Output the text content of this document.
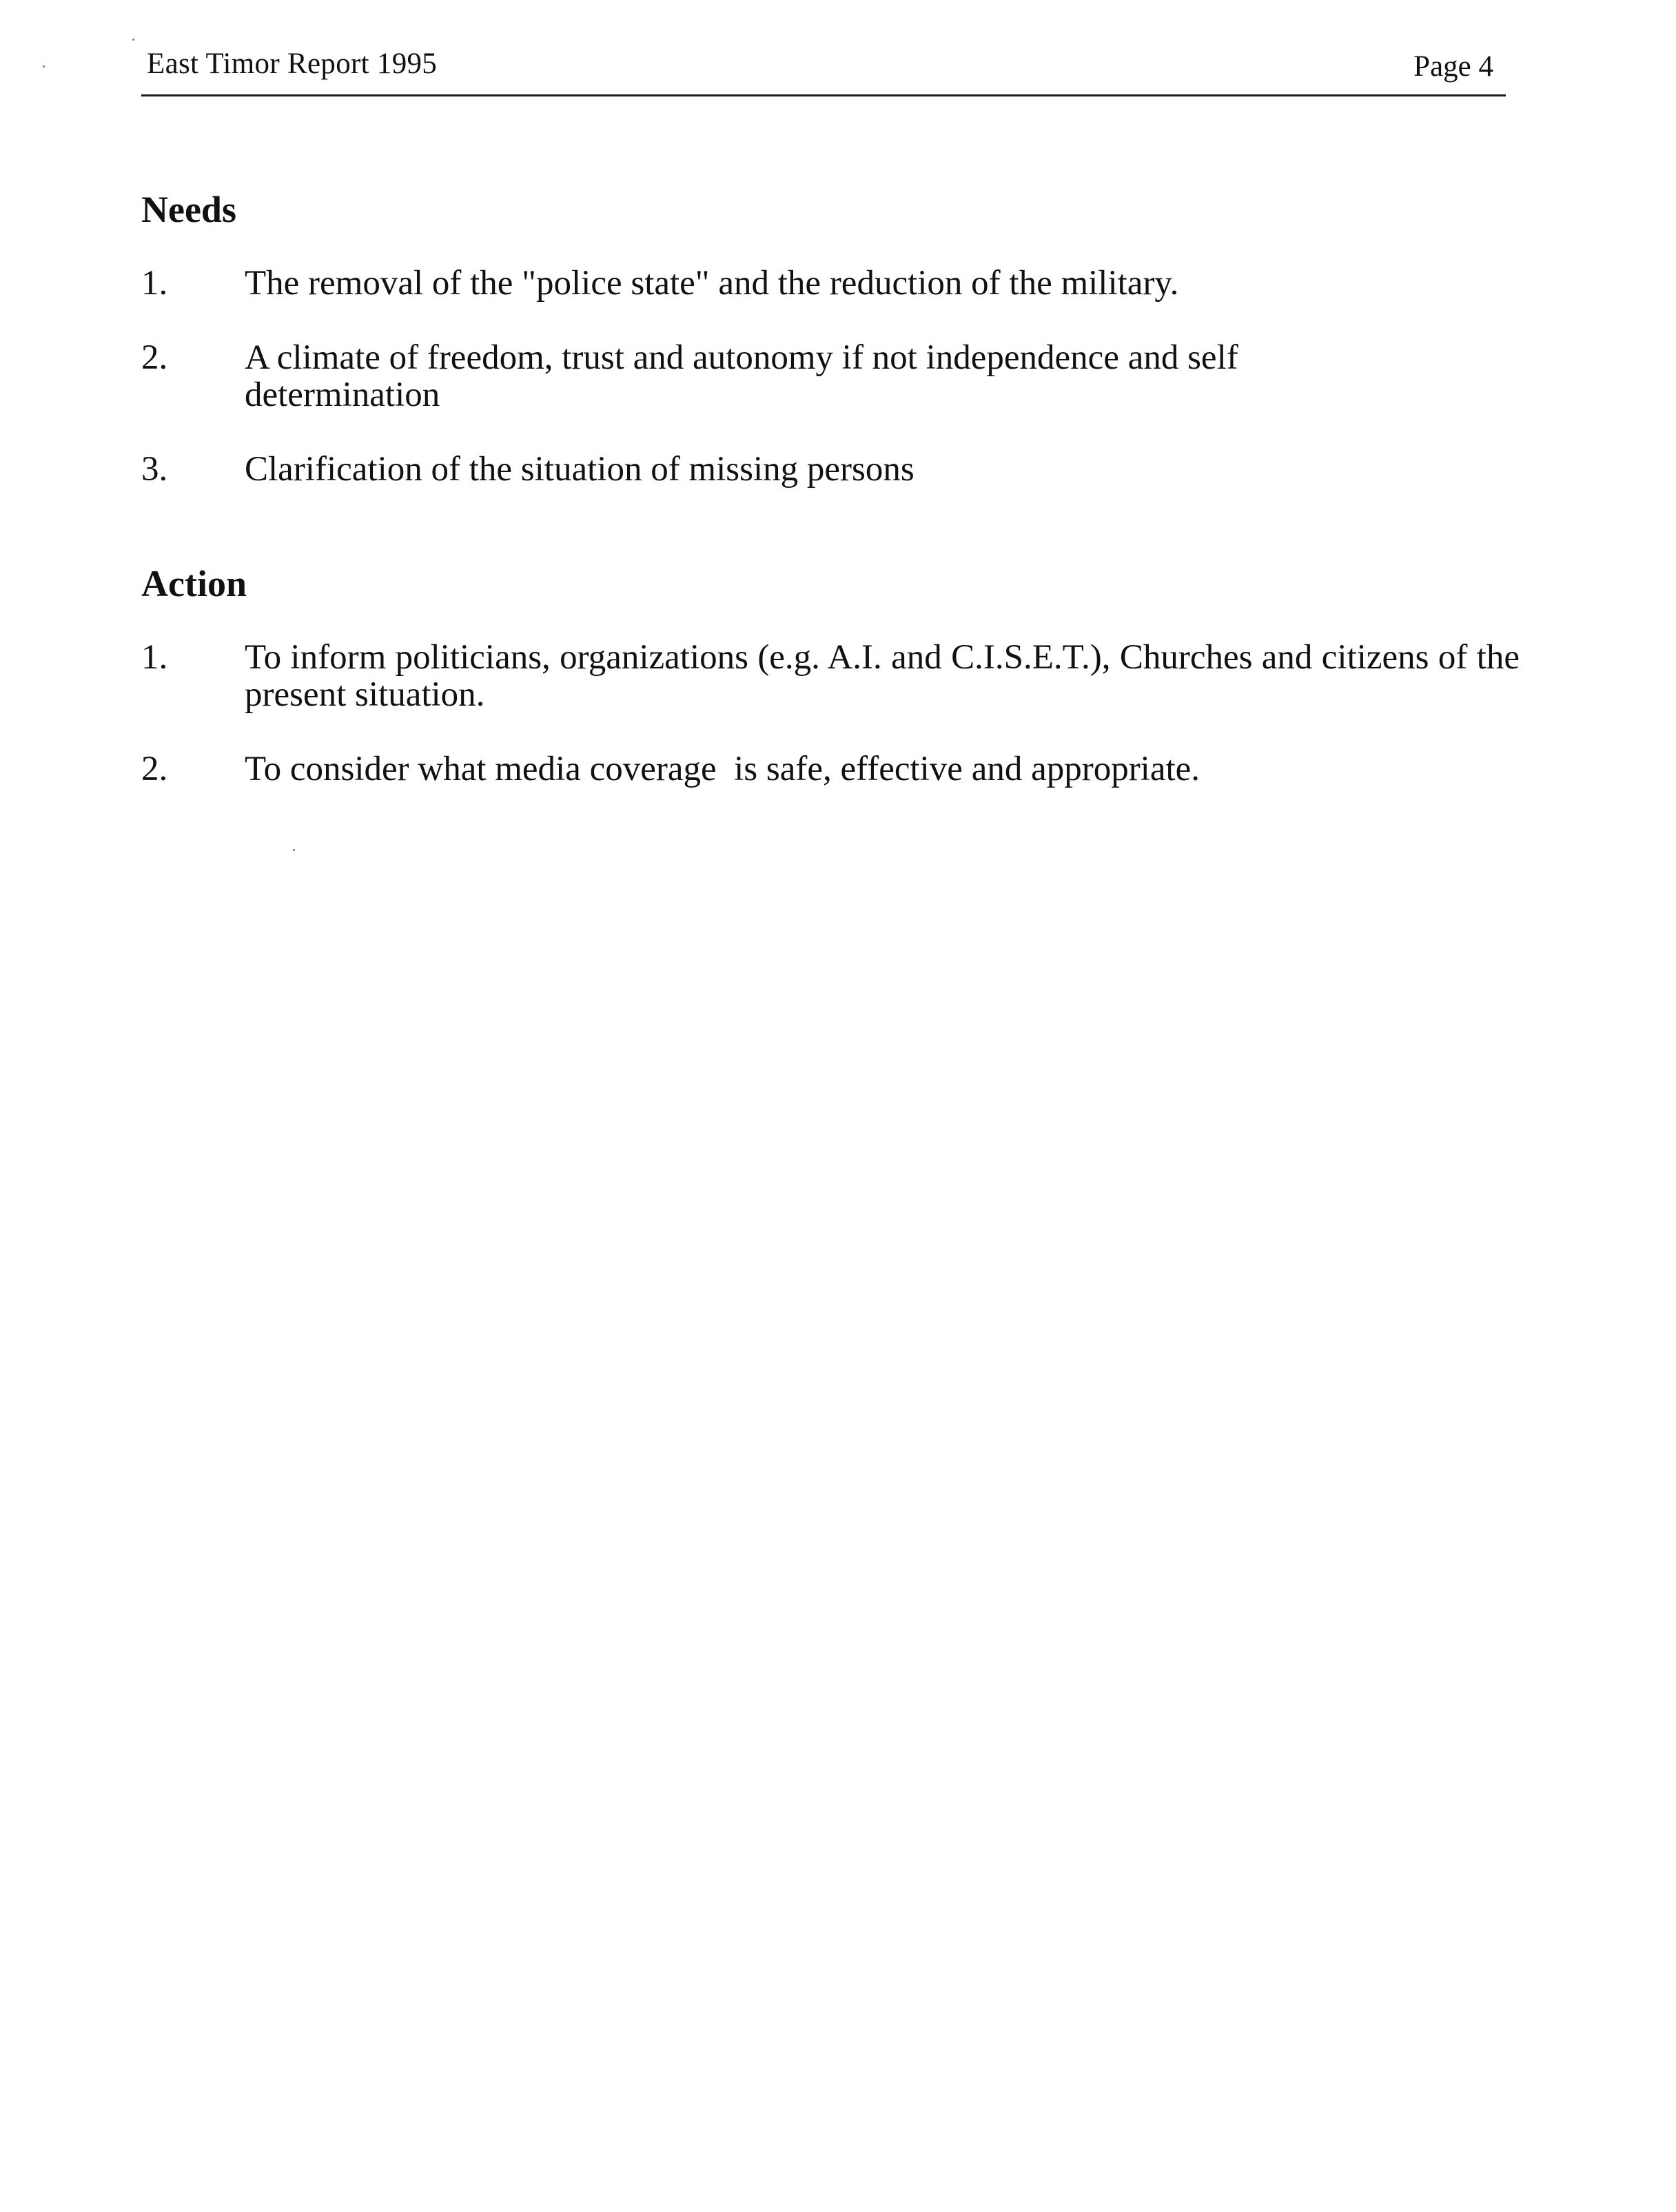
East Timor Report 1995	Page 4
Needs
1. The removal of the "police state" and the reduction of the military.
2. A climate of freedom, trust and autonomy if not independence and self determination
3. Clarification of the situation of missing persons
Action
1. To inform politicians, organizations (e.g. A.I. and C.I.S.E.T.), Churches and citizens of the present situation.
2. To consider what media coverage  is safe, effective and appropriate.
